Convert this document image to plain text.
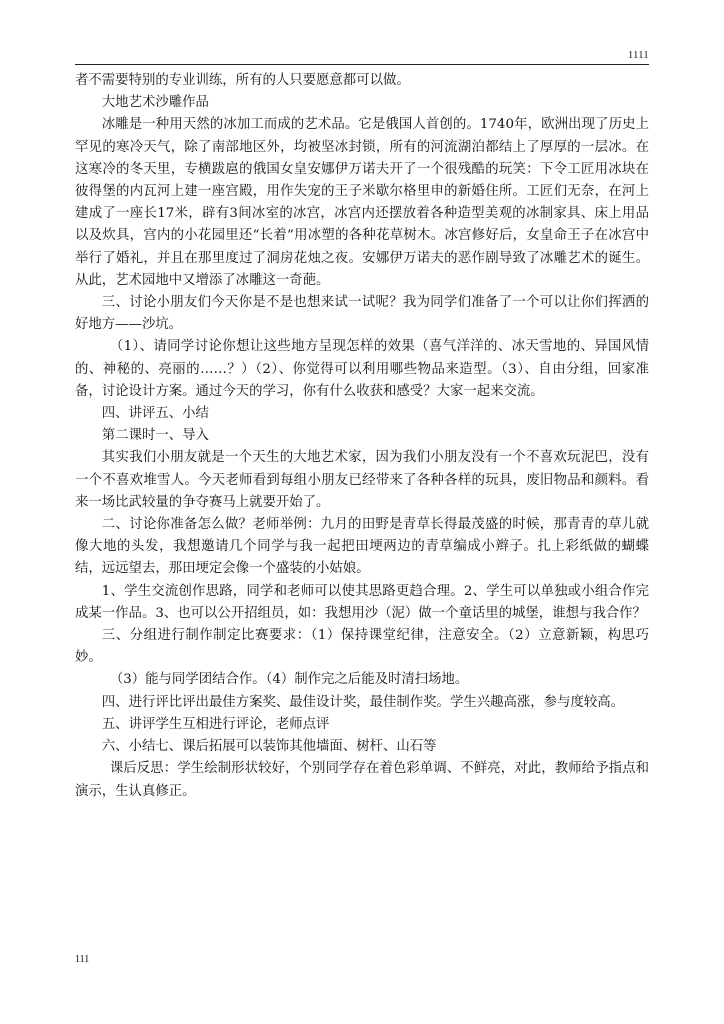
1111

者不需要特别的专业训练，所有的人只要愿意都可以做。

大地艺术沙雕作品

冰雕是一种用天然的冰加工而成的艺术品。它是俄国人首创的。1740年，欧洲出现了历史上罕见的寒冷天气，除了南部地区外，均被坚冰封锁，所有的河流湖泊都结上了厚厚的一层冰。在这寒冷的冬天里，专横跋扈的俄国女皇安娜伊万诺夫开了一个很残酷的玩笑：下令工匠用冰块在彼得堡的内瓦河上建一座宫殿，用作失宠的王子米歇尔格里申的新婚住所。工匠们无奈，在河上建成了一座长17米，辟有3间冰室的冰宫，冰宫内还摆放着各种造型美观的冰制家具、床上用品以及炊具，宫内的小花园里还“长着”用冰塑的各种花草树木。冰宫修好后，女皇命王子在冰宫中举行了婚礼，并且在那里度过了洞房花烛之夜。安娜伊万诺夫的恶作剧导致了冰雕艺术的诞生。从此，艺术园地中又增添了冰雕这一奇葩。

三、讨论小朋友们今天你是不是也想来试一试呢？我为同学们准备了一个可以让你们挥洒的好地方——沙坑。

（1）、请同学讨论你想让这些地方呈现怎样的效果（喜气洋洋的、冰天雪地的、异国风情的、神秘的、亮丽的……？）（2）、你觉得可以利用哪些物品来造型。（3）、自由分组，回家准备，讨论设计方案。通过今天的学习，你有什么收获和感受？大家一起来交流。

四、讲评五、小结

第二课时一、导入

其实我们小朋友就是一个天生的大地艺术家，因为我们小朋友没有一个不喜欢玩泥巴，没有一个不喜欢堆雪人。今天老师看到每组小朋友已经带来了各种各样的玩具，废旧物品和颜料。看来一场比武较量的争夺赛马上就要开始了。

二、讨论你准备怎么做？老师举例：九月的田野是青草长得最茂盛的时候，那青青的草儿就像大地的头发，我想邀请几个同学与我一起把田埂两边的青草编成小辫子。扎上彩纸做的蝴蝶结，远远望去，那田埂定会像一个盛装的小姑娘。

1、学生交流创作思路，同学和老师可以使其思路更趋合理。2、学生可以单独或小组合作完成某一作品。3、也可以公开招组员，如：我想用沙（泥）做一个童话里的城堡，谁想与我合作？

三、分组进行制作制定比赛要求：（1）保持课堂纪律，注意安全。（2）立意新颖，构思巧妙。

（3）能与同学团结合作。（4）制作完之后能及时清扫场地。

四、进行评比评出最佳方案奖、最佳设计奖，最佳制作奖。学生兴趣高涨，参与度较高。

五、讲评学生互相进行评论，老师点评

六、小结七、课后拓展可以装饰其他墙面、树杆、山石等

课后反思：学生绘制形状较好，个别同学存在着色彩单调、不鲜亮，对此，教师给予指点和演示，生认真修正。

111
